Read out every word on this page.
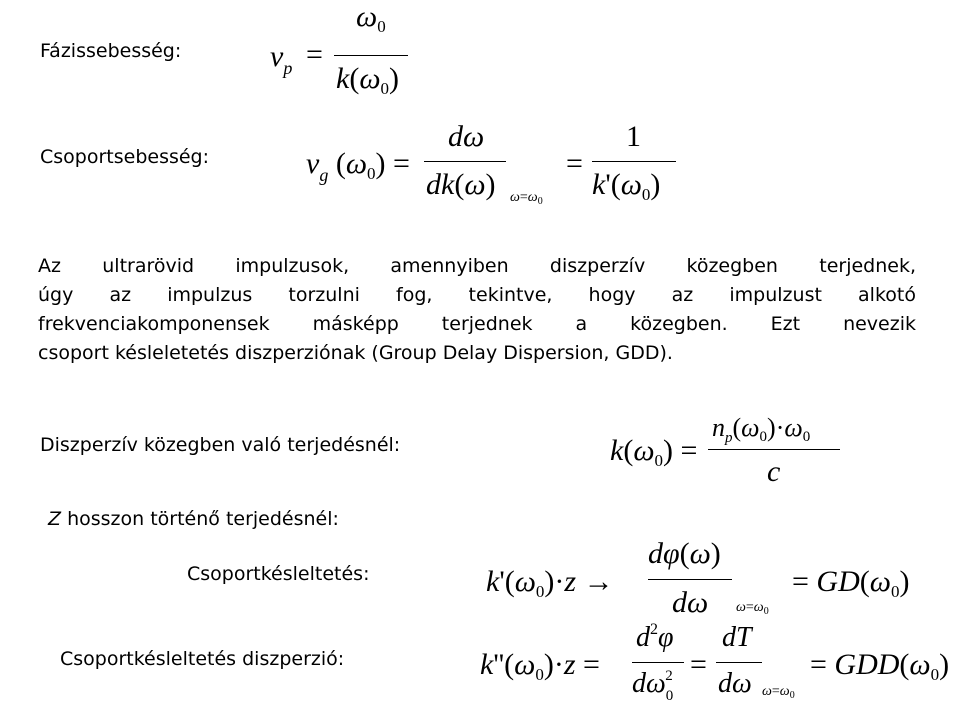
Fázissebesség:
Csoportsebesség:
Az ultrarövid impulzusok, amennyiben diszperzív közegben terjednek,
úgy az impulzus torzulni fog, tekintve, hogy az impulzust alkotó
frekvenciakomponensek másképp terjednek a közegben. Ezt nevezik
csoport késleletetés diszperziónak (Group Delay Dispersion, GDD).
Diszperzív közegben való terjedésnél:
Z hosszon történő terjedésnél:
Csoportkésleltetés:
Csoportkésleltetés diszperzió:
$v_p$ =
$\omega_0$
$k(\omega_0)$
$v_g$ $(\omega_0)$ =
dω
dk(ω) $\omega=\omega_0$
=
1
$k'(\omega_0)$
$k(\omega_0)$ =
$n_p(\omega 0)\cdot\omega 0$
c
$k'(\omega_0)\cdot z$ →
dφ(ω)
dω $\omega=\omega_0$
= $GD(\omega_0)$
$k''(\omega_0)\cdot z$ =
$d^2\varphi$
$d\omega_0^2$ =
dT
dω $\omega=\omega_0$
= $GDD(\omega_0)$
